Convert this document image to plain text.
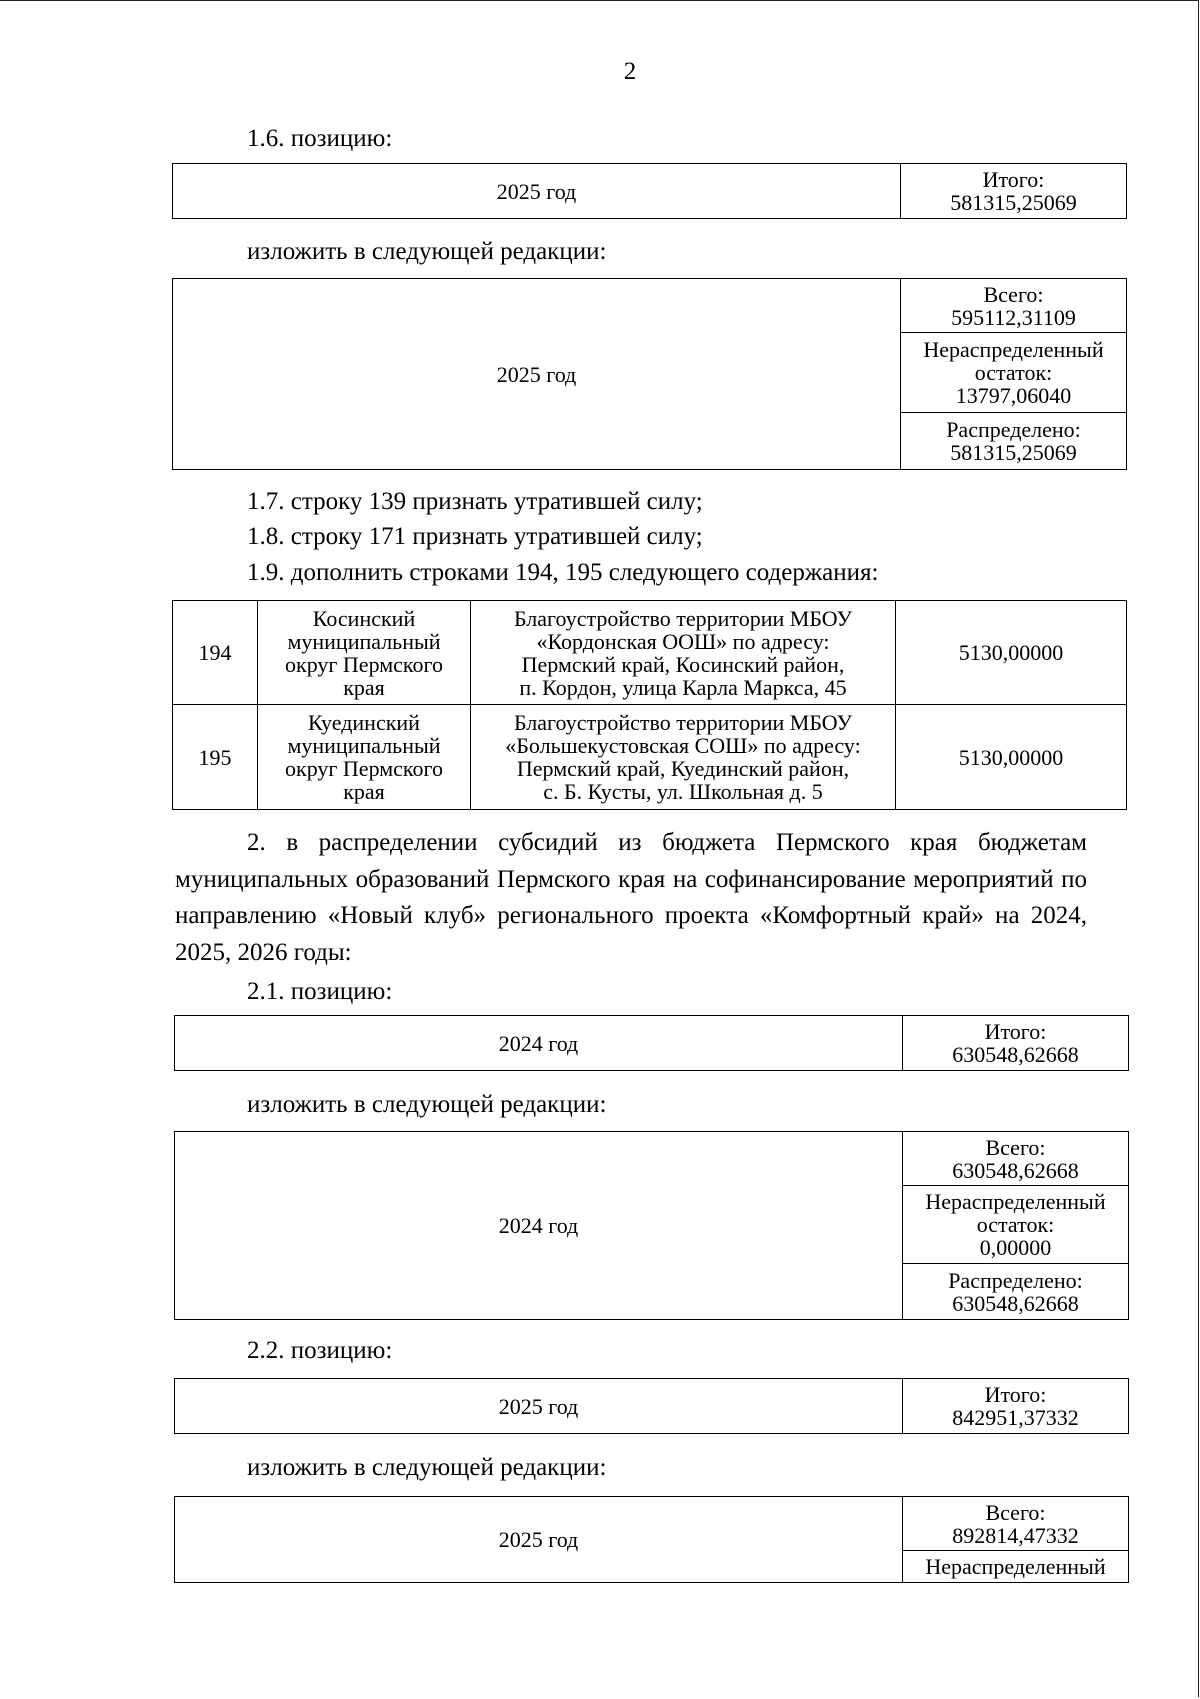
2
1.6. позицию:
2025 год	Итого:
581315,25069
изложить в следующей редакции:
2025 год	Всего:
595112,31109
Нераспределенный
остаток:
13797,06040
Распределено:
581315,25069
1.7. строку 139 признать утратившей силу;
1.8. строку 171 признать утратившей силу;
1.9. дополнить строками 194, 195 следующего содержания:
194	Косинский
муниципальный
округ Пермского
края	Благоустройство территории МБОУ
«Кордонская ООШ» по адресу:
Пермский край, Косинский район,
п. Кордон, улица Карла Маркса, 45	5130,00000
195	Куединский
муниципальный
округ Пермского
края	Благоустройство территории МБОУ
«Большекустовская СОШ» по адресу:
Пермский край, Куединский район,
с. Б. Кусты, ул. Школьная д. 5	5130,00000

2. в распределении субсидий из бюджета Пермского края бюджетам муниципальных образований Пермского края на софинансирование мероприятий по направлению «Новый клуб» регионального проекта «Комфортный край» на 2024, 2025, 2026 годы:

2.1. позицию:
2024 год	Итого:
630548,62668
изложить в следующей редакции:
2024 год	Всего:
630548,62668
Нераспределенный
остаток:
0,00000
Распределено:
630548,62668
2.2. позицию:
2025 год	Итого:
842951,37332
изложить в следующей редакции:
2025 год	Всего:
892814,47332
Нераспределенный
